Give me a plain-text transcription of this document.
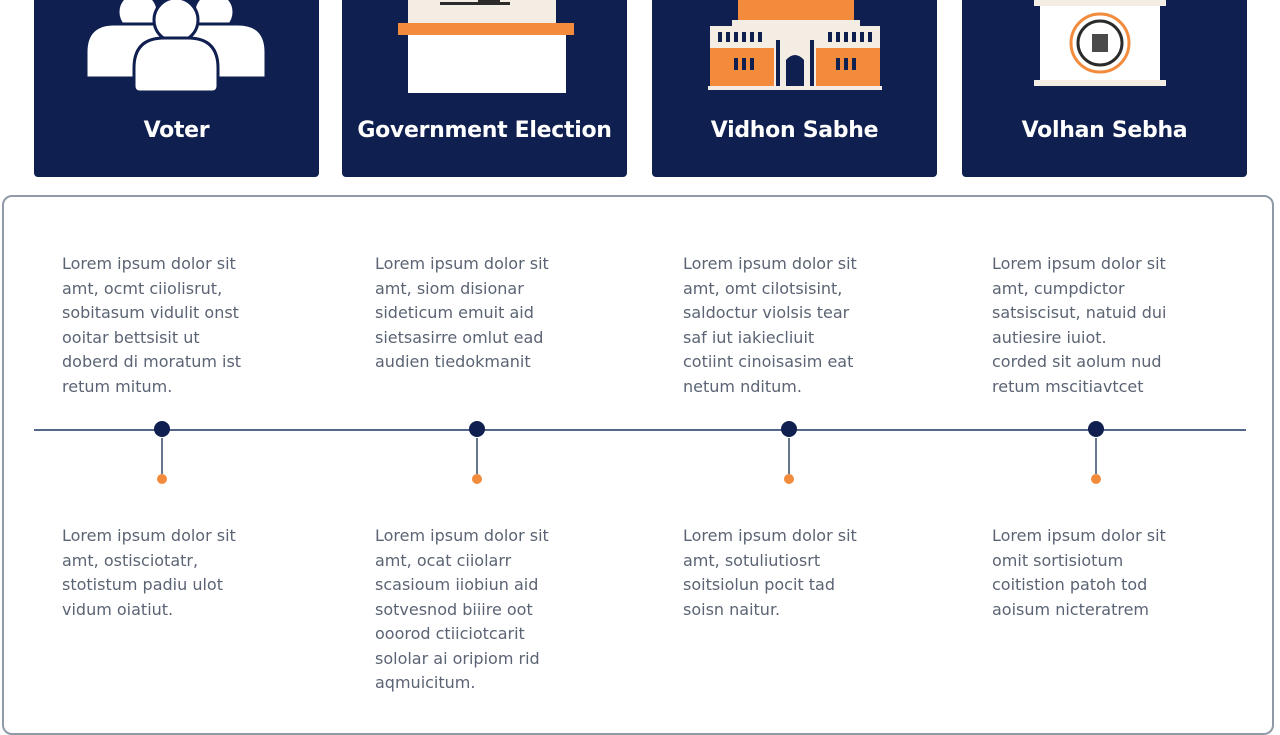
Voter	Government Election	Vidhon Sabhe	Volhan Sebha
Lorem ipsum dolor sit
amt, ocmt ciiolisrut,
sobitasum vidulit onst
ooitar bettsisit ut
doberd di moratum ist
retum mitum.
Lorem ipsum dolor sit
amt, siom disionar
sideticum emuit aid
sietsasirre omlut ead
audien tiedokmanit
Lorem ipsum dolor sit
amt, omt cilotsisint,
saldoctur violsis tear
saf iut iakiecliuit
cotiint cinoisasim eat
netum nditum.
Lorem ipsum dolor sit
amt, cumpdictor
satsiscisut, natuid dui
autiesire iuiot.
corded sit aolum nud
retum mscitiavtcet
Lorem ipsum dolor sit
amt, ostisciotatr,
stotistum padiu ulot
vidum oiatiut.
Lorem ipsum dolor sit
amt, ocat ciiolarr
scasioum iiobiun aid
sotvesnod biiire oot
ooorod ctiiciotcarit
sololar ai oripiom rid
aqmuicitum.
Lorem ipsum dolor sit
amt, sotuliutiosrt
soitsiolun pocit tad
soisn naitur.
Lorem ipsum dolor sit
omit sortisiotum
coitistion patoh tod
aoisum nicteratrem
